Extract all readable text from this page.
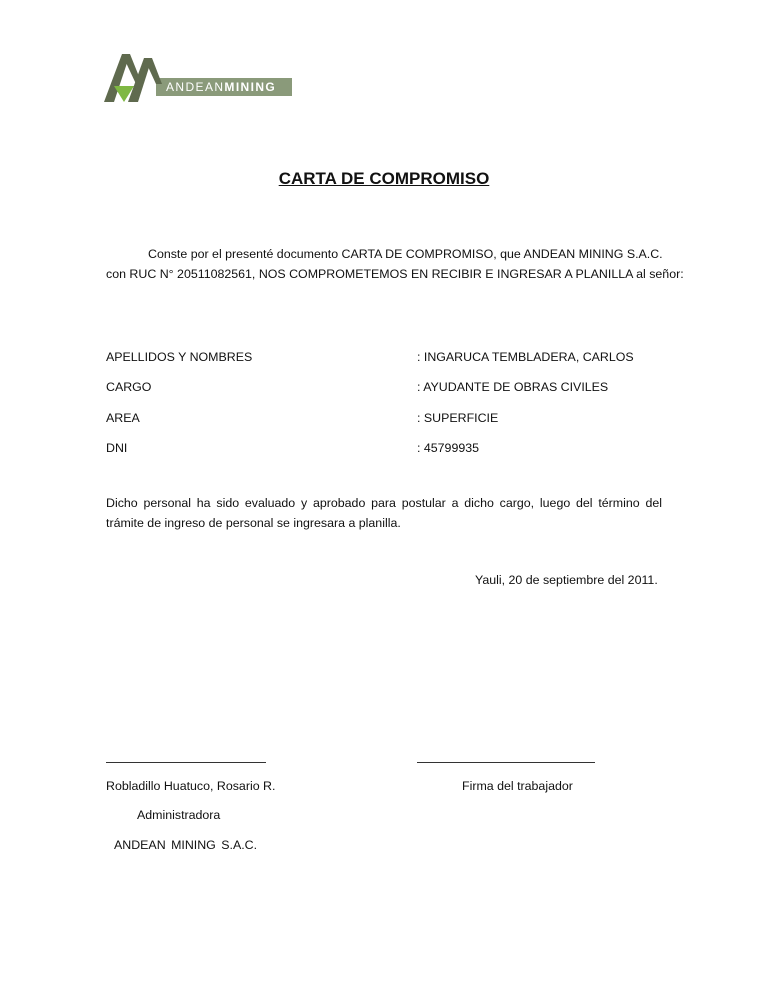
ANDEANMINING
CARTA DE COMPROMISO
Conste por el presenté documento CARTA DE COMPROMISO, que ANDEAN MINING S.A.C.
con RUC N° 20511082561, NOS COMPROMETEMOS EN RECIBIR E INGRESAR A PLANILLA al señor:
APELLIDOS Y NOMBRES	: INGARUCA TEMBLADERA, CARLOS
CARGO	: AYUDANTE DE OBRAS CIVILES
AREA	: SUPERFICIE
DNI	: 45799935
Dicho personal ha sido evaluado y aprobado para postular a dicho cargo, luego del término del
trámite de ingreso de personal se ingresara a planilla.
Yauli, 20 de septiembre del 2011.
Robladillo Huatuco, Rosario R.
Administradora
ANDEAN MINING S.A.C.
Firma del trabajador
